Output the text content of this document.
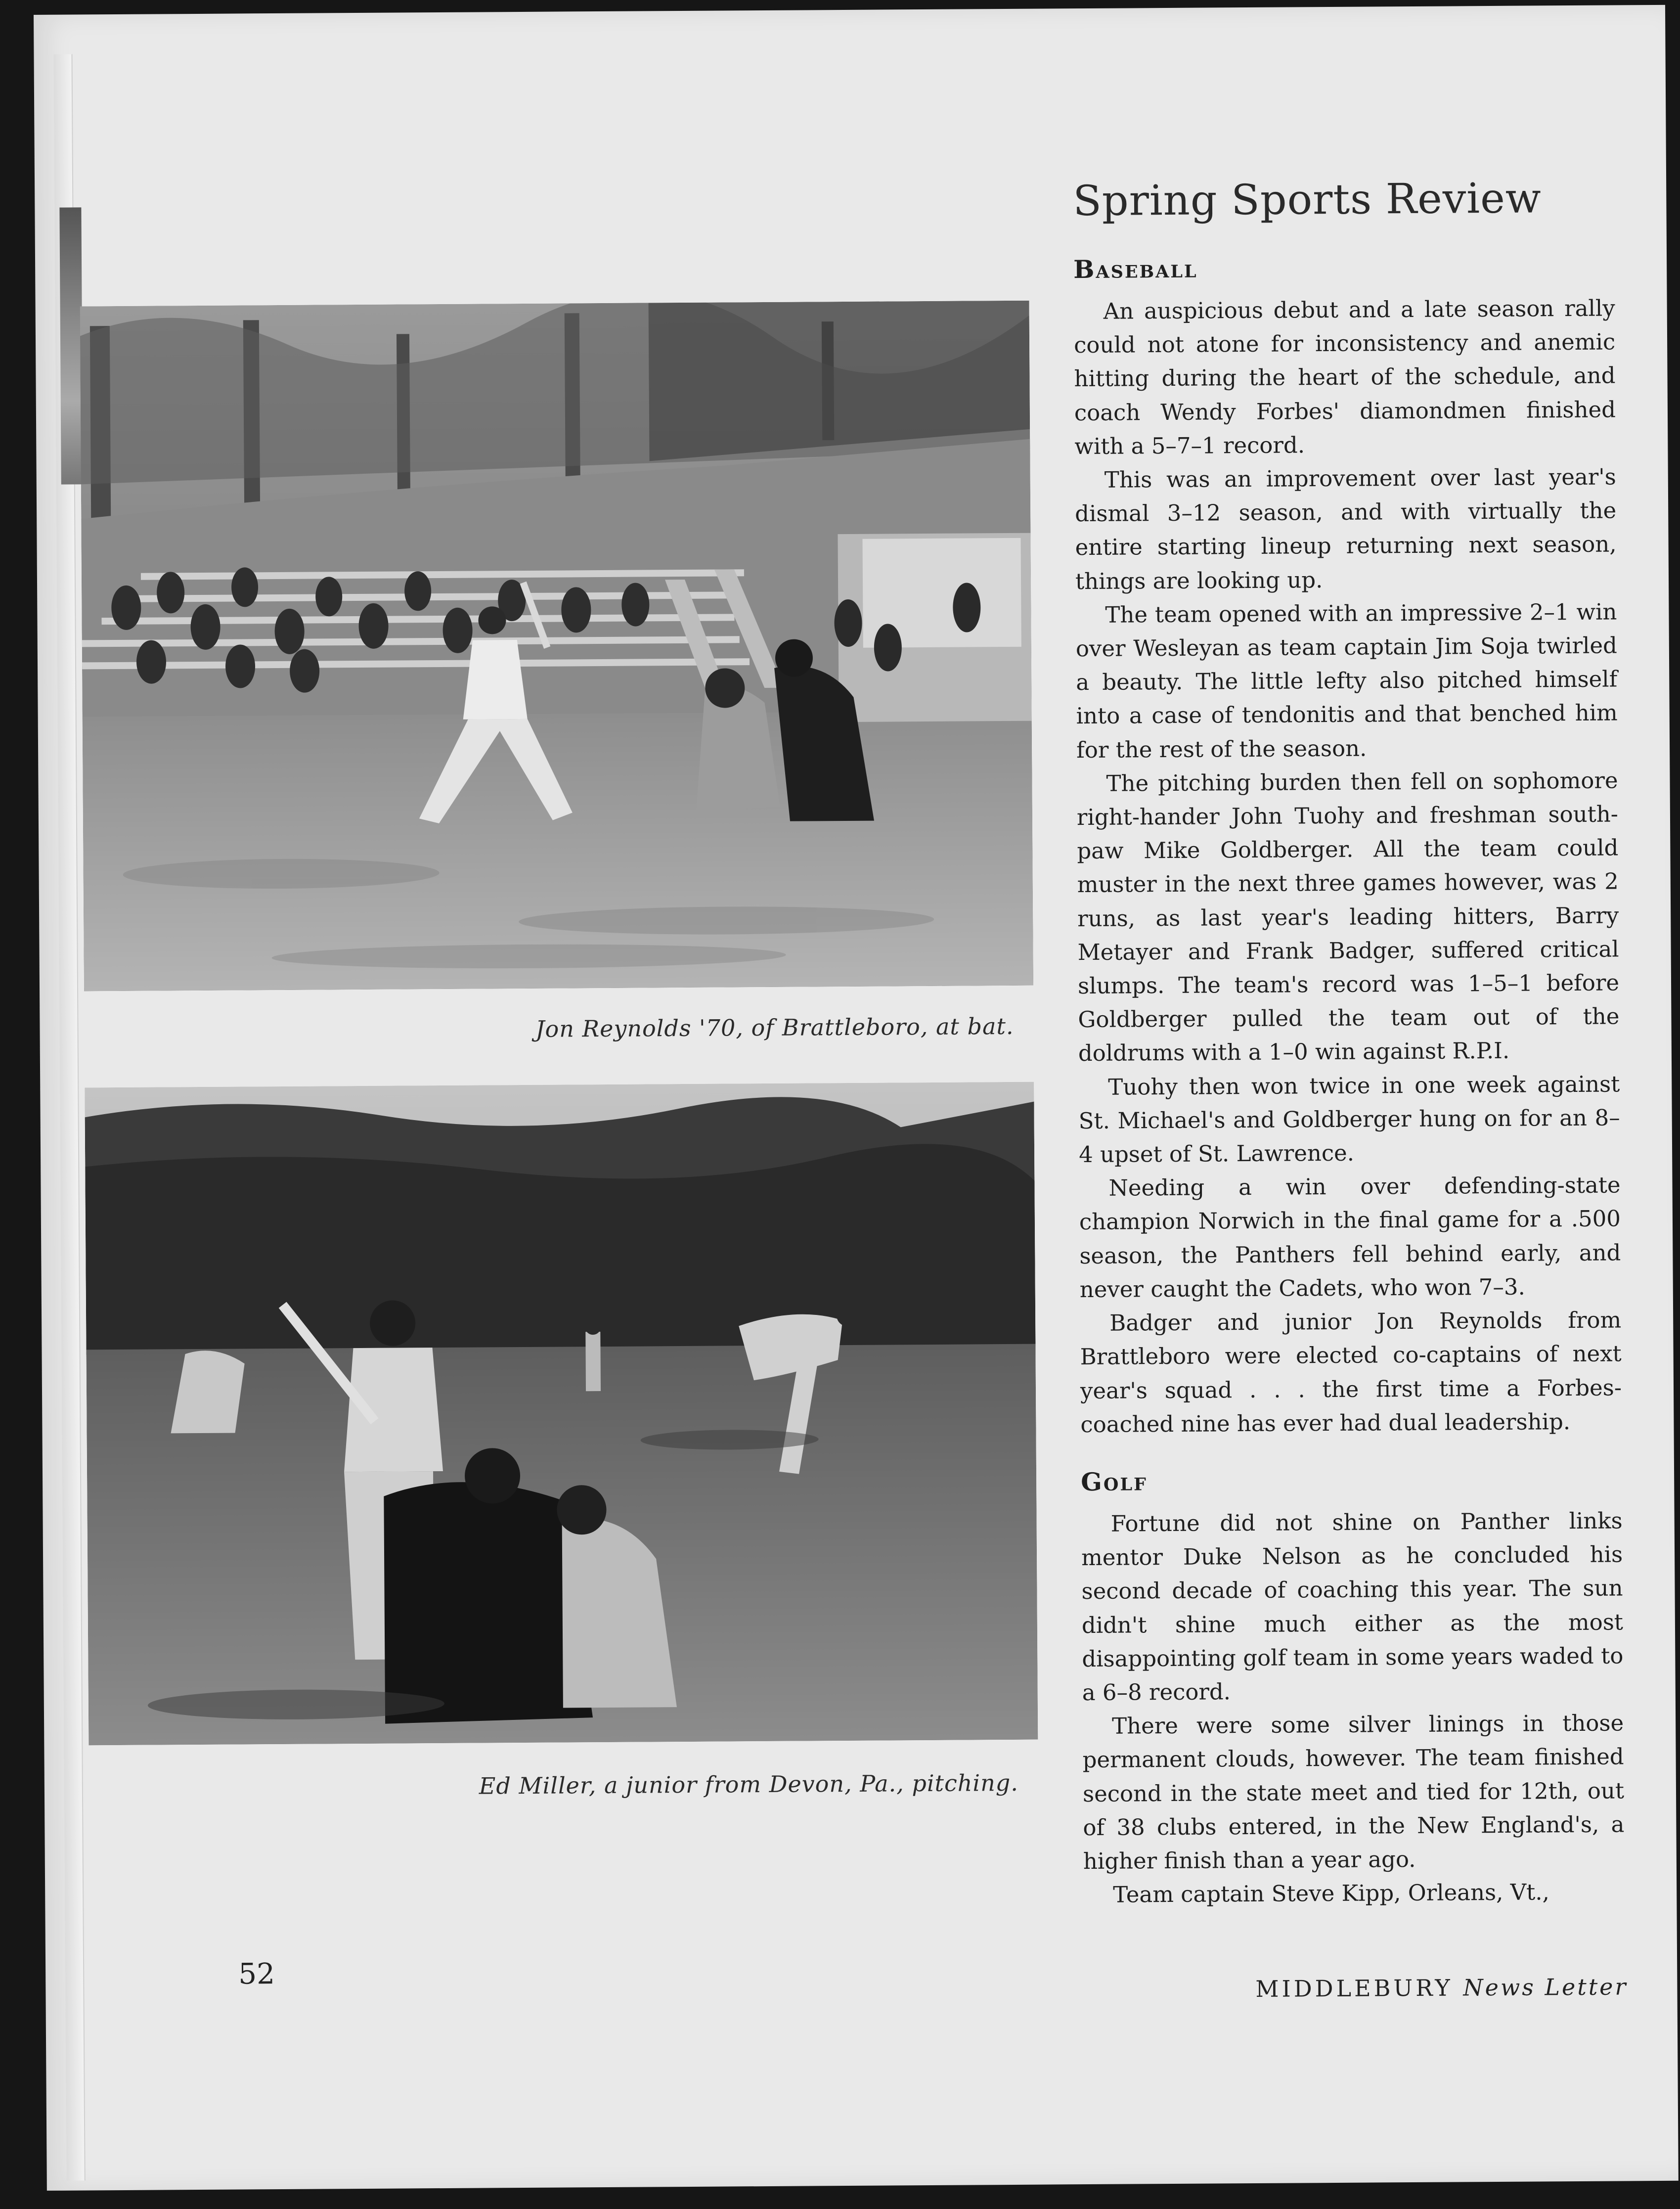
Jon Reynolds '70, of Brattleboro, at bat.
Ed Miller, a junior from Devon, Pa., pitching.
Spring Sports Review
Baseball

An auspicious debut and a late season rally could not atone for inconsistency and anemic hitting during the heart of the schedule, and coach Wendy Forbes' diamondmen finished with a 5–7–1 record.

This was an improvement over last year's dismal 3–12 season, and with virtually the entire starting lineup returning next season, things are looking up.

The team opened with an impressive 2–1 win over Wesleyan as team captain Jim Soja twirled a beauty. The little lefty also pitched himself into a case of tendonitis and that benched him for the rest of the season.

The pitching burden then fell on sophomore right-hander John Tuohy and freshman south-paw Mike Goldberger. All the team could muster in the next three games however, was 2 runs, as last year's leading hitters, Barry Metayer and Frank Badger, suffered critical slumps. The team's record was 1–5–1 before Goldberger pulled the team out of the doldrums with a 1–0 win against R.P.I.

Tuohy then won twice in one week against St. Michael's and Goldberger hung on for an 8–4 upset of St. Lawrence.

Needing a win over defending-state champion Norwich in the final game for a .500 season, the Panthers fell behind early, and never caught the Cadets, who won 7–3.

Badger and junior Jon Reynolds from Brattleboro were elected co-captains of next year's squad . . . the first time a Forbes-coached nine has ever had dual leadership.

Golf

Fortune did not shine on Panther links mentor Duke Nelson as he concluded his second decade of coaching this year. The sun didn't shine much either as the most disappointing golf team in some years waded to a 6–8 record.

There were some silver linings in those permanent clouds, however. The team finished second in the state meet and tied for 12th, out of 38 clubs entered, in the New England's, a higher finish than a year ago.

Team captain Steve Kipp, Orleans, Vt.,

52	MIDDLEBURY News Letter
